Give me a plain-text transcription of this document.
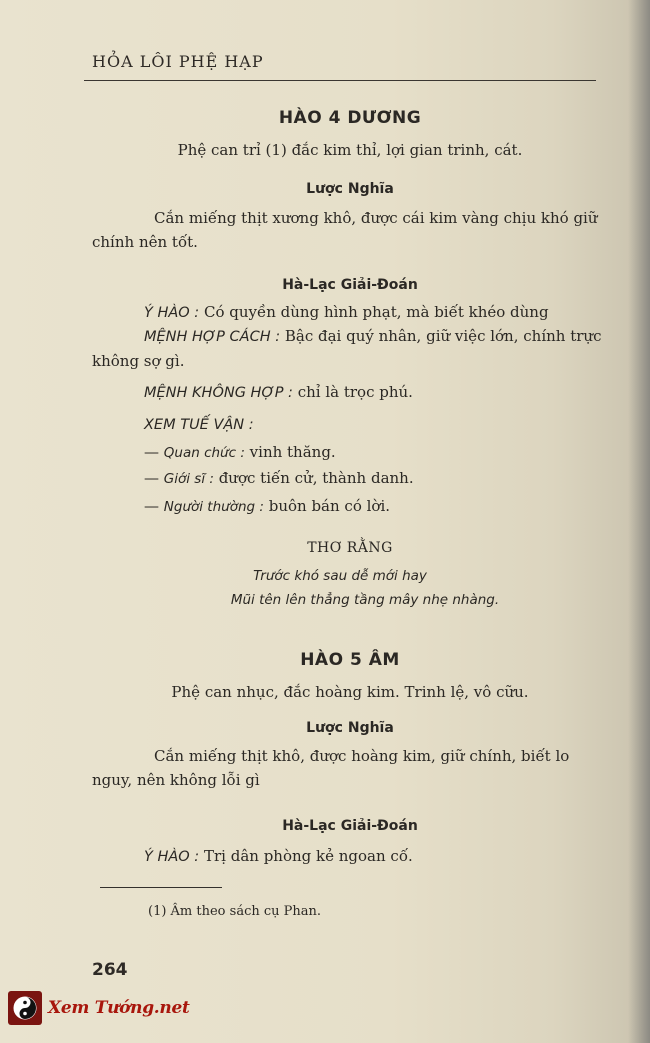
HỎA LÔI PHỆ HẠP
HÀO 4 DƯƠNG
Phệ can trỉ (1) đắc kim thỉ, lợi gian trinh, cát.
Lược Nghĩa
Cắn miếng thịt xương khô, được cái kim vàng chịu khó giữ chính nên tốt.
Hà-Lạc Giải-Đoán
Ý HÀO : Có quyền dùng hình phạt, mà biết khéo dùng
MỆNH HỢP CÁCH : Bậc đại quý nhân, giữ việc lớn, chính trực không sợ gì.
MỆNH KHÔNG HỢP : chỉ là trọc phú.
XEM TUẾ VẬN :
— Quan chức : vinh thăng.
— Giới sĩ : được tiến cử, thành danh.
— Người thường : buôn bán có lời.
THƠ RẰNG
Trước khó sau dễ mới hay
Mũi tên lên thẳng tầng mây nhẹ nhàng.
HÀO 5 ÂM
Phệ can nhục, đắc hoàng kim. Trinh lệ, vô cữu.
Lược Nghĩa
Cắn miếng thịt khô, được hoàng kim, giữ chính, biết lo nguy, nên không lỗi gì
Hà-Lạc Giải-Đoán
Ý HÀO : Trị dân phòng kẻ ngoan cố.
(1) Âm theo sách cụ Phan.
264
Xem Tướng.net
